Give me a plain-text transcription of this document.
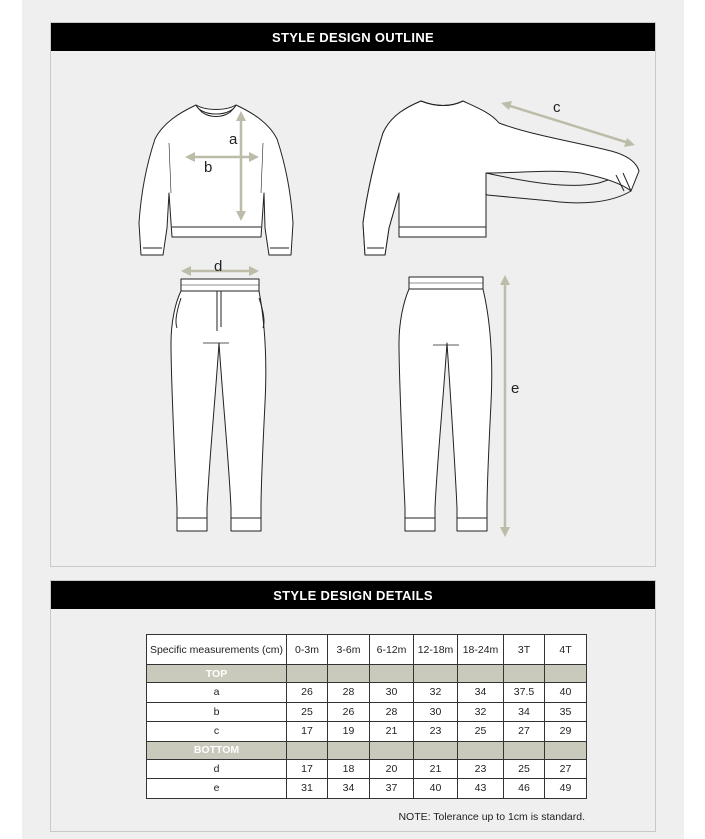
STYLE DESIGN OUTLINE
a
b
c
d
e
STYLE DESIGN DETAILS
Specific measurements (cm)	0-3m	3-6m	6-12m	12-18m	18-24m	3T	4T
TOP							
a	26	28	30	32	34	37.5	40
b	25	26	28	30	32	34	35
c	17	19	21	23	25	27	29
BOTTOM							
d	17	18	20	21	23	25	27
e	31	34	37	40	43	46	49
NOTE: Tolerance up to 1cm is standard.
